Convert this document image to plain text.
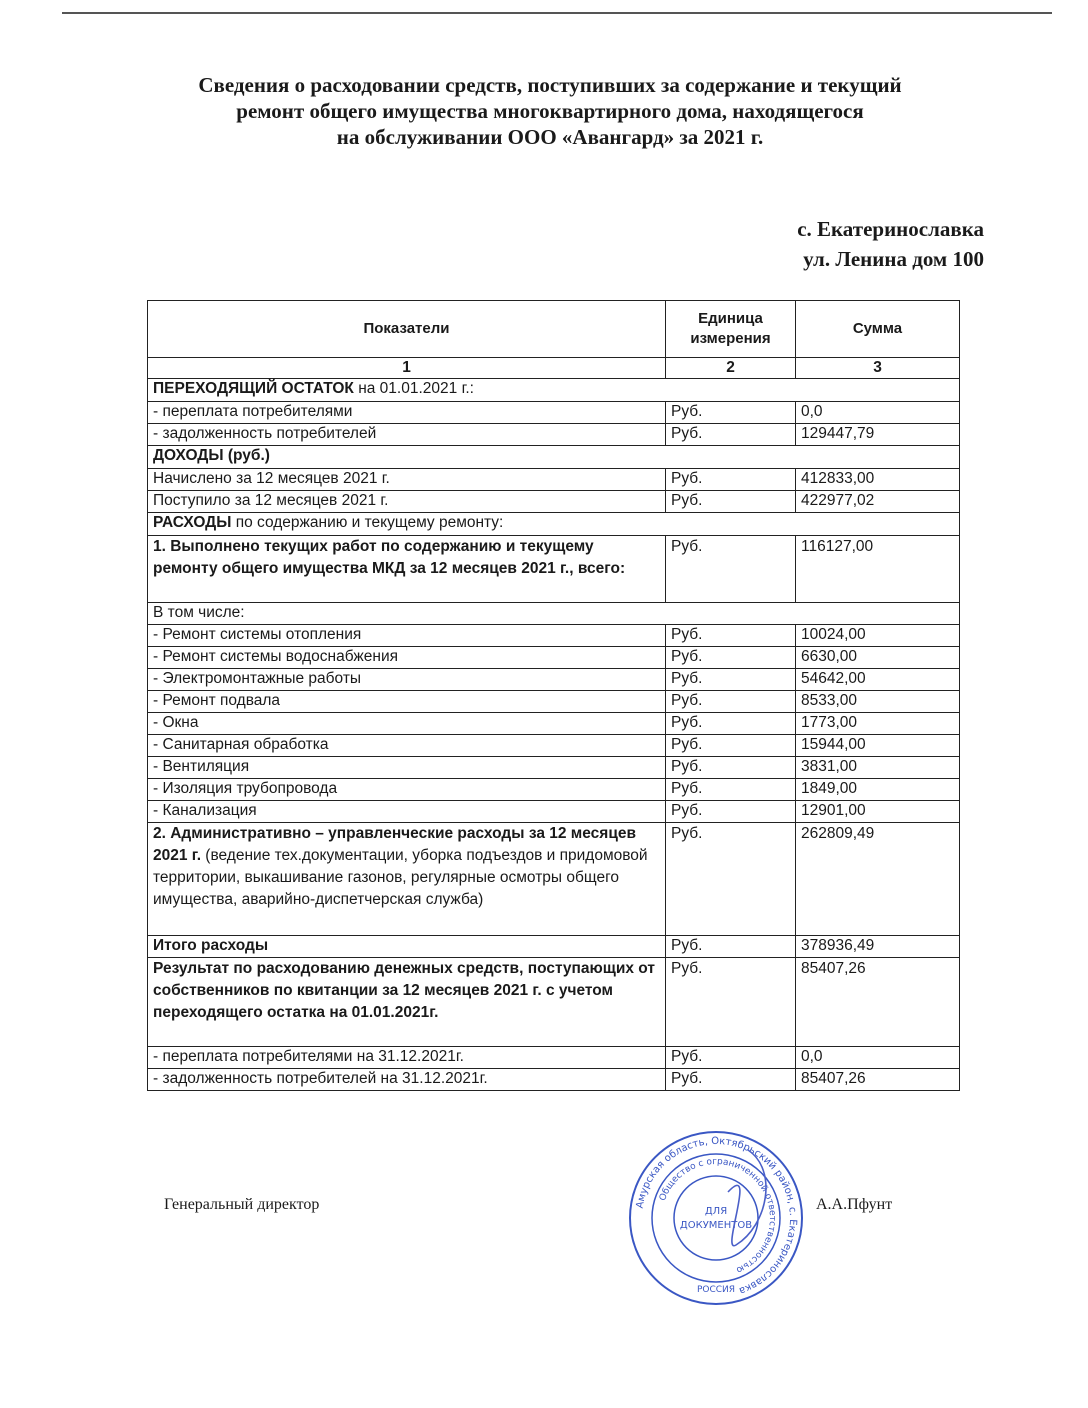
Сведения о расходовании средств, поступивших за содержание и текущий
ремонт общего имущества многоквартирного дома, находящегося
на обслуживании ООО «Авангард» за 2021 г.
с. Екатеринославка
ул. Ленина дом 100
Показатели	Единица измерения	Сумма
1	2	3
ПЕРЕХОДЯЩИЙ ОСТАТОК на 01.01.2021 г.:		
- переплата потребителями	Руб.	0,0
- задолженность потребителей	Руб.	129447,79
ДОХОДЫ (руб.)		
Начислено за 12 месяцев 2021 г.	Руб.	412833,00
Поступило за 12 месяцев 2021 г.	Руб.	422977,02
РАСХОДЫ по содержанию и текущему ремонту:		
1. Выполнено текущих работ по содержанию и текущему ремонту общего имущества МКД за 12 месяцев 2021 г., всего:	Руб.	116127,00
В том числе:		
- Ремонт системы отопления	Руб.	10024,00
- Ремонт системы водоснабжения	Руб.	6630,00
- Электромонтажные работы	Руб.	54642,00
- Ремонт подвала	Руб.	8533,00
- Окна	Руб.	1773,00
- Санитарная обработка	Руб.	15944,00
- Вентиляция	Руб.	3831,00
- Изоляция трубопровода	Руб.	1849,00
- Канализация	Руб.	12901,00
2. Административно – управленческие расходы за 12 месяцев 2021 г. (ведение тех.документации, уборка подъездов и придомовой территории, выкашивание газонов, регулярные осмотры общего имущества, аварийно-диспетчерская служба)	Руб.	262809,49
Итого расходы	Руб.	378936,49
Результат по расходованию денежных средств, поступающих от собственников по квитанции за 12 месяцев 2021 г. с учетом переходящего остатка на 01.01.2021г.	Руб.	85407,26
- переплата потребителями на 31.12.2021г.	Руб.	0,0
- задолженность потребителей на 31.12.2021г.	Руб.	85407,26
Генеральный директор	А.А.Пфунт
Амурская область, Октябрьский район, с. Екатеринославка
Общество с ограниченной ответственностью
ДЛЯ
ДОКУМЕНТОВ
РОССИЯ
